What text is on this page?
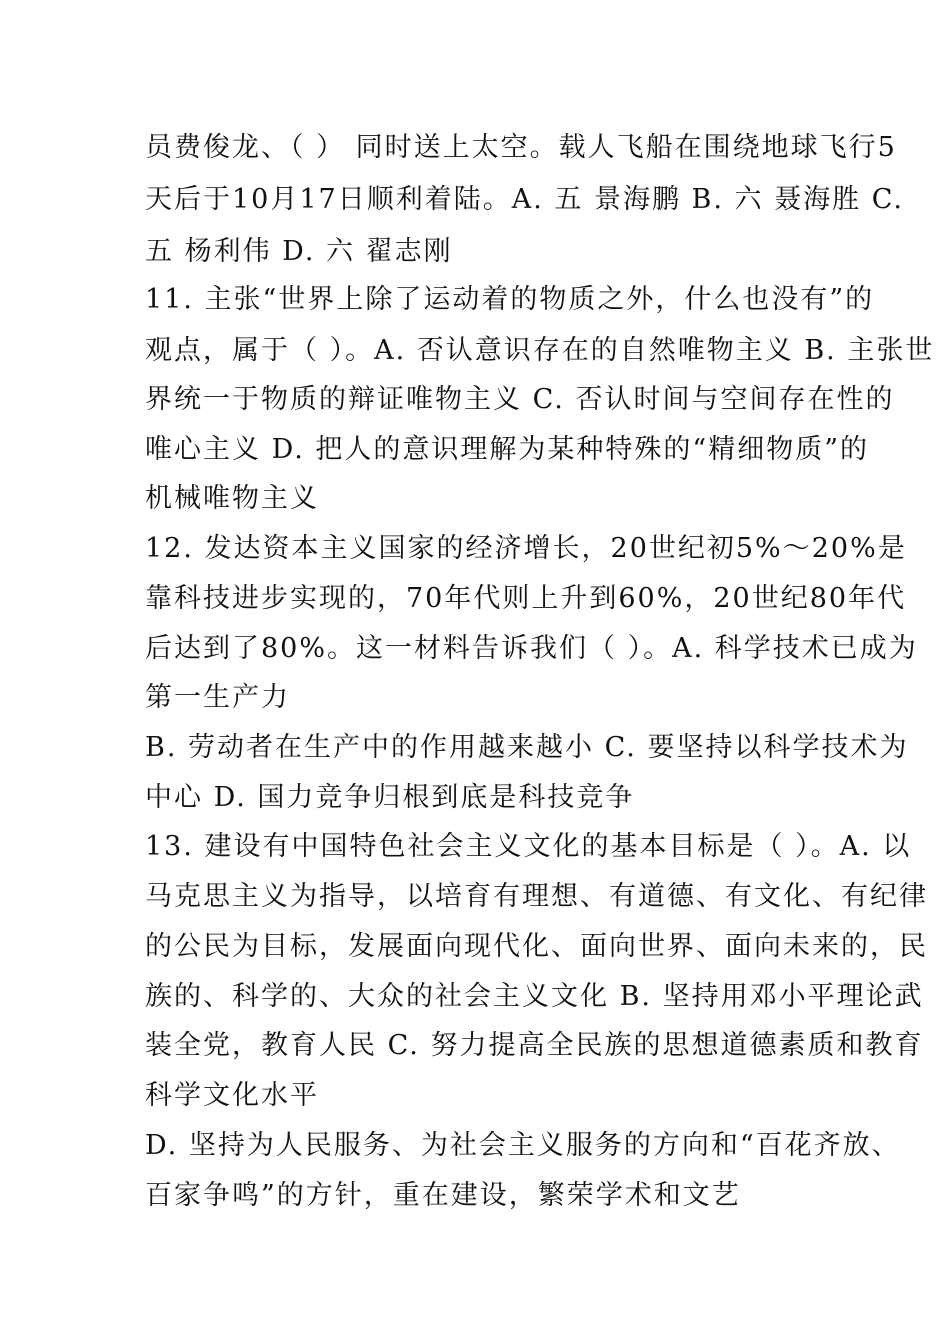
员费俊龙、（ ） 同时送上太空。载人飞船在围绕地球飞行5
天后于10月17日顺利着陆。A. 五 景海鹏 B. 六 聂海胜 C.
五 杨利伟 D. 六 翟志刚
11. 主张“世界上除了运动着的物质之外，什么也没有”的
观点，属于（ ）。A. 否认意识存在的自然唯物主义 B. 主张世
界统一于物质的辩证唯物主义 C. 否认时间与空间存在性的
唯心主义 D. 把人的意识理解为某种特殊的“精细物质”的
机械唯物主义
12. 发达资本主义国家的经济增长，20世纪初5%～20%是
靠科技进步实现的，70年代则上升到60%，20世纪80年代
后达到了80%。这一材料告诉我们（ ）。A. 科学技术已成为
第一生产力
B. 劳动者在生产中的作用越来越小 C. 要坚持以科学技术为
中心 D. 国力竞争归根到底是科技竞争
13. 建设有中国特色社会主义文化的基本目标是（ ）。A. 以
马克思主义为指导，以培育有理想、有道德、有文化、有纪律
的公民为目标，发展面向现代化、面向世界、面向未来的，民
族的、科学的、大众的社会主义文化 B. 坚持用邓小平理论武
装全党，教育人民 C. 努力提高全民族的思想道德素质和教育
科学文化水平
D. 坚持为人民服务、为社会主义服务的方向和“百花齐放、
百家争鸣”的方针，重在建设，繁荣学术和文艺
